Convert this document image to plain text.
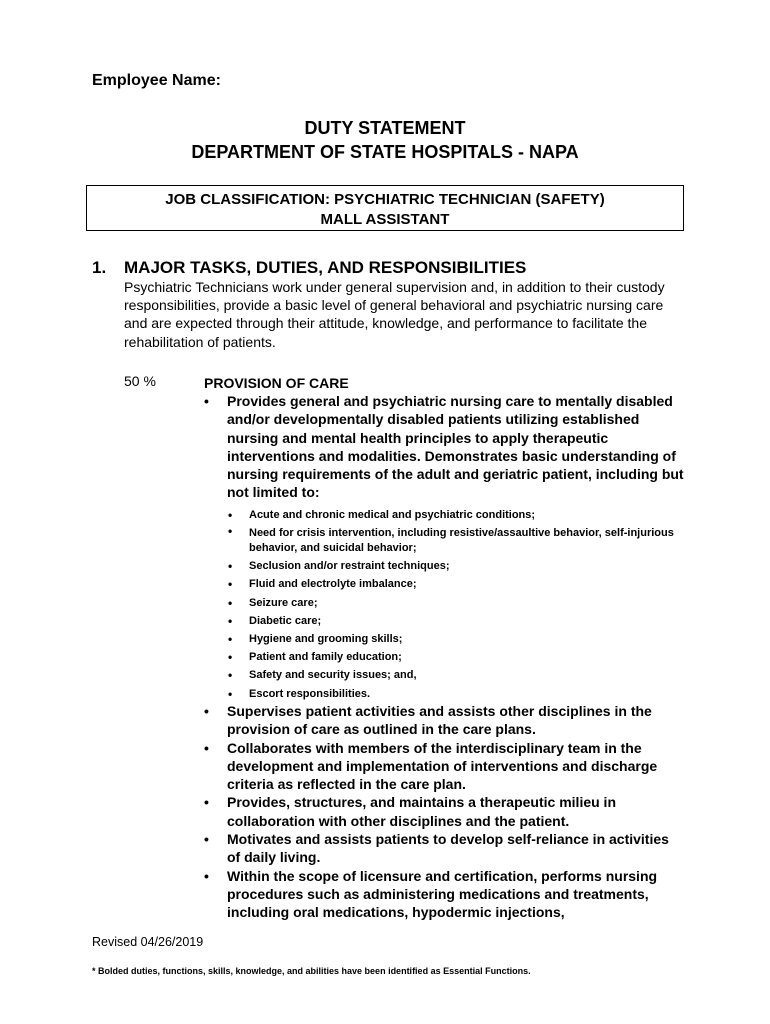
Employee Name:
DUTY STATEMENT
DEPARTMENT OF STATE HOSPITALS - NAPA
JOB CLASSIFICATION: PSYCHIATRIC TECHNICIAN (SAFETY)
MALL ASSISTANT
1. MAJOR TASKS, DUTIES, AND RESPONSIBILITIES
Psychiatric Technicians work under general supervision and, in addition to their custody responsibilities, provide a basic level of general behavioral and psychiatric nursing care and are expected through their attitude, knowledge, and performance to facilitate the rehabilitation of patients.
50 %	PROVISION OF CARE
• Provides general and psychiatric nursing care to mentally disabled and/or developmentally disabled patients utilizing established nursing and mental health principles to apply therapeutic interventions and modalities. Demonstrates basic understanding of nursing requirements of the adult and geriatric patient, including but not limited to:
• Acute and chronic medical and psychiatric conditions;
• Need for crisis intervention, including resistive/assaultive behavior, self-injurious behavior, and suicidal behavior;
• Seclusion and/or restraint techniques;
• Fluid and electrolyte imbalance;
• Seizure care;
• Diabetic care;
• Hygiene and grooming skills;
• Patient and family education;
• Safety and security issues; and,
• Escort responsibilities.
• Supervises patient activities and assists other disciplines in the provision of care as outlined in the care plans.
• Collaborates with members of the interdisciplinary team in the development and implementation of interventions and discharge criteria as reflected in the care plan.
• Provides, structures, and maintains a therapeutic milieu in collaboration with other disciplines and the patient.
• Motivates and assists patients to develop self-reliance in activities of daily living.
• Within the scope of licensure and certification, performs nursing procedures such as administering medications and treatments, including oral medications, hypodermic injections,
Revised 04/26/2019
* Bolded duties, functions, skills, knowledge, and abilities have been identified as Essential Functions.
